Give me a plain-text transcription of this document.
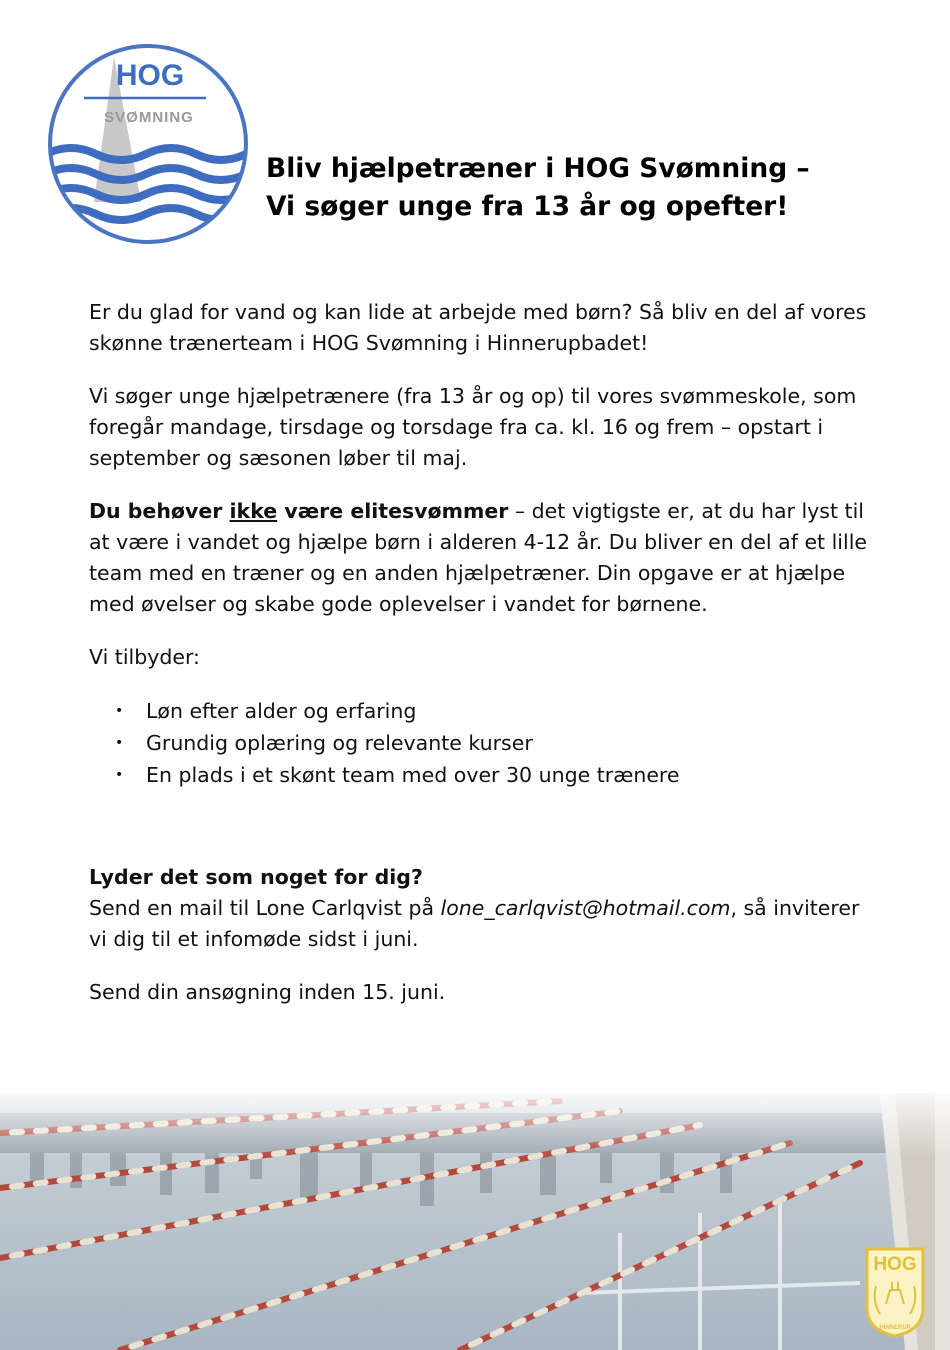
HOG
SVØMNING
Bliv hjælpetræner i HOG Svømning –
Vi søger unge fra 13 år og opefter!

Er du glad for vand og kan lide at arbejde med børn? Så bliv en del af vores skønne trænerteam i HOG Svømning i Hinnerupbadet!

Vi søger unge hjælpetrænere (fra 13 år og op) til vores svømmeskole, som foregår mandage, tirsdage og torsdage fra ca. kl. 16 og frem – opstart i september og sæsonen løber til maj.

Du behøver ikke være elitesvømmer – det vigtigste er, at du har lyst til at være i vandet og hjælpe børn i alderen 4-12 år. Du bliver en del af et lille team med en træner og en anden hjælpetræner. Din opgave er at hjælpe med øvelser og skabe gode oplevelser i vandet for børnene.

Vi tilbyder:

• Løn efter alder og erfaring
• Grundig oplæring og relevante kurser
• En plads i et skønt team med over 30 unge trænere

Lyder det som noget for dig?
Send en mail til Lone Carlqvist på lone_carlqvist@hotmail.com, så inviterer vi dig til et infomøde sidst i juni.

Send din ansøgning inden 15. juni.

HOG
HINNERUP
